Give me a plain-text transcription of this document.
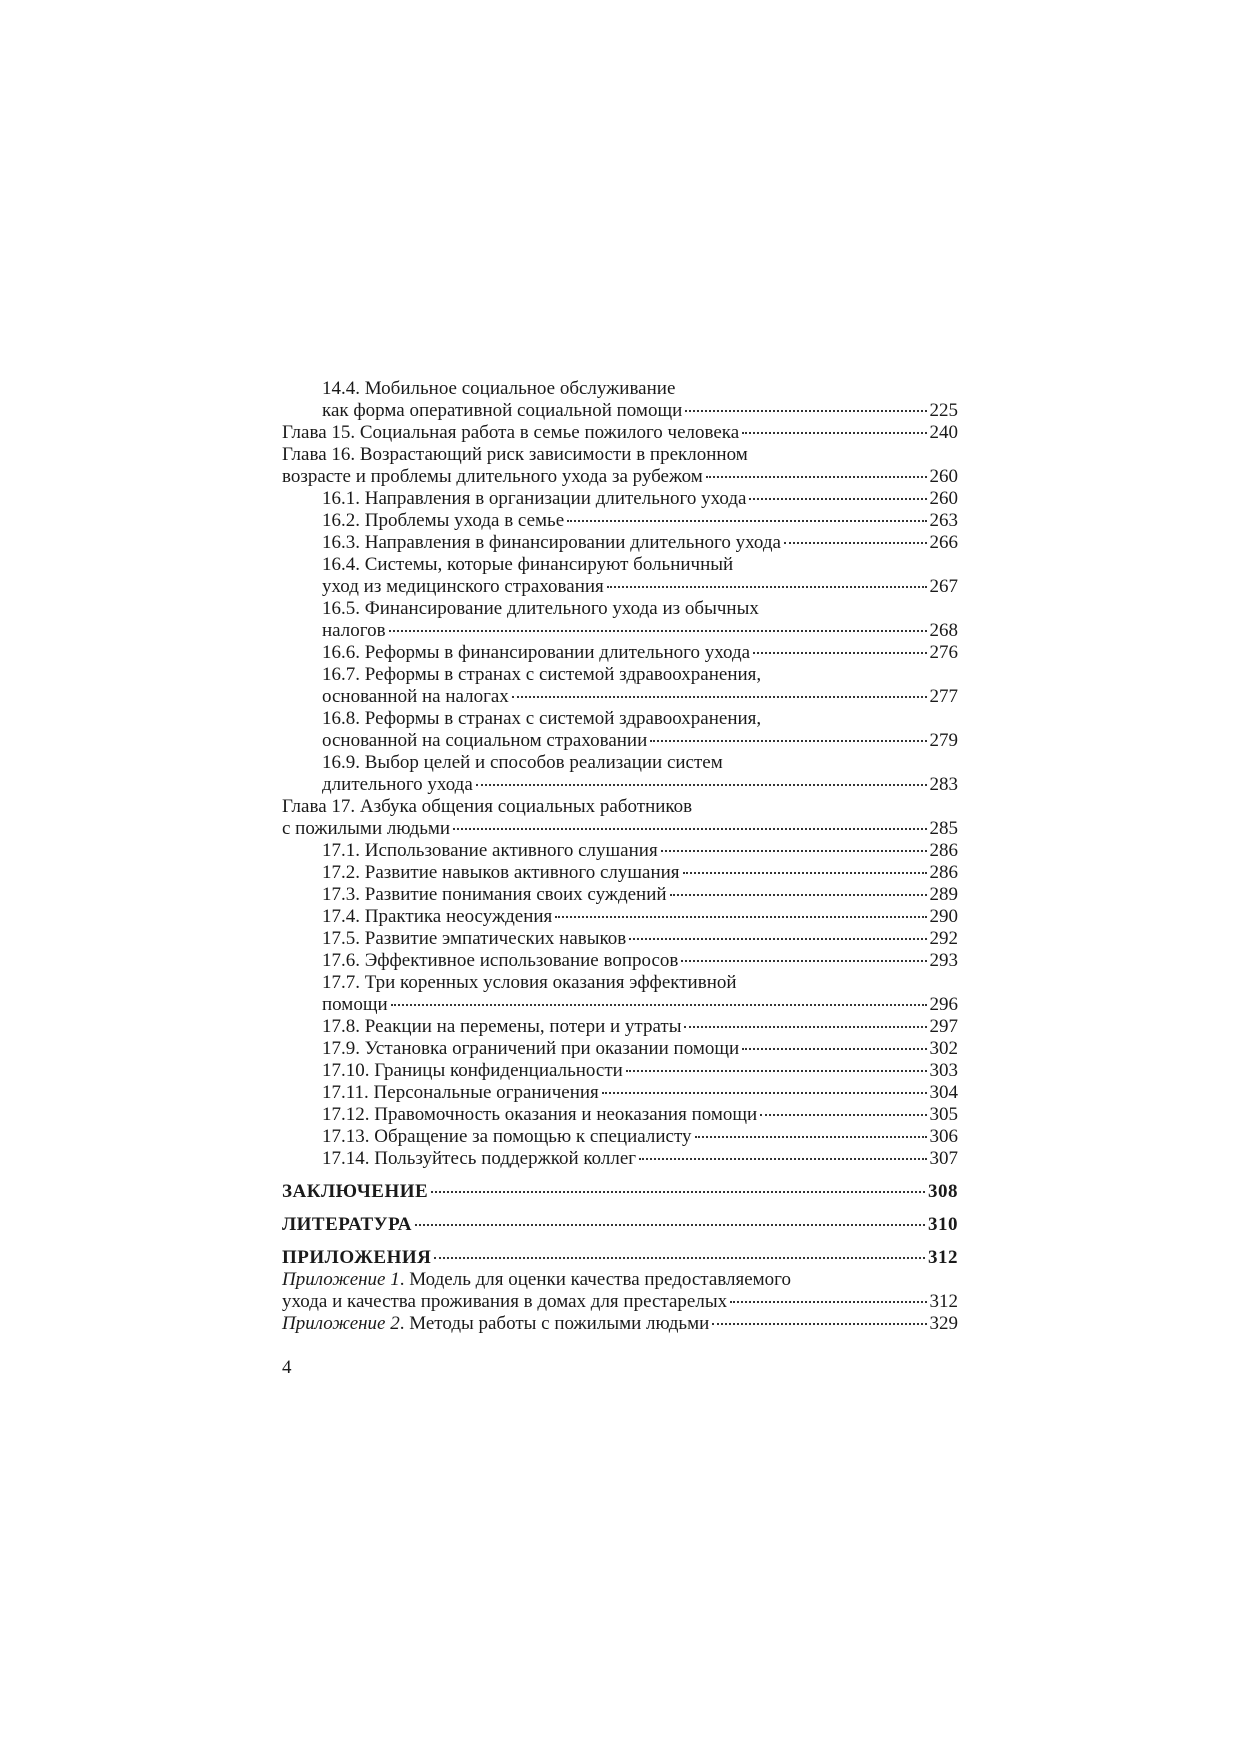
14.4. Мобильное социальное обслуживание
как форма оперативной социальной помощи	225
Глава 15. Социальная работа в семье пожилого человека	240
Глава 16. Возрастающий риск зависимости в преклонном
возрасте и проблемы длительного ухода за рубежом	260
16.1. Направления в организации длительного ухода	260
16.2. Проблемы ухода в семье	263
16.3. Направления в финансировании длительного ухода	266
16.4. Системы, которые финансируют больничный
уход из медицинского страхования	267
16.5. Финансирование длительного ухода из обычных
налогов	268
16.6. Реформы в финансировании длительного ухода	276
16.7. Реформы в странах с системой здравоохранения,
основанной на налогах	277
16.8. Реформы в странах с системой здравоохранения,
основанной на социальном страховании	279
16.9. Выбор целей и способов реализации систем
длительного ухода	283
Глава 17. Азбука общения социальных работников
с пожилыми людьми	285
17.1. Использование активного слушания	286
17.2. Развитие навыков активного слушания	286
17.3. Развитие понимания своих суждений	289
17.4. Практика неосуждения	290
17.5. Развитие эмпатических навыков	292
17.6. Эффективное использование вопросов	293
17.7. Три коренных условия оказания эффективной
помощи	296
17.8. Реакции на перемены, потери и утраты	297
17.9. Установка ограничений при оказании помощи	302
17.10. Границы конфиденциальности	303
17.11. Персональные ограничения	304
17.12. Правомочность оказания и неоказания помощи	305
17.13. Обращение за помощью к специалисту	306
17.14. Пользуйтесь поддержкой коллег	307
ЗАКЛЮЧЕНИЕ	308
ЛИТЕРАТУРА	310
ПРИЛОЖЕНИЯ	312
Приложение 1. Модель для оценки качества предоставляемого
ухода и качества проживания в домах для престарелых	312
Приложение 2. Методы работы с пожилыми людьми	329
4
